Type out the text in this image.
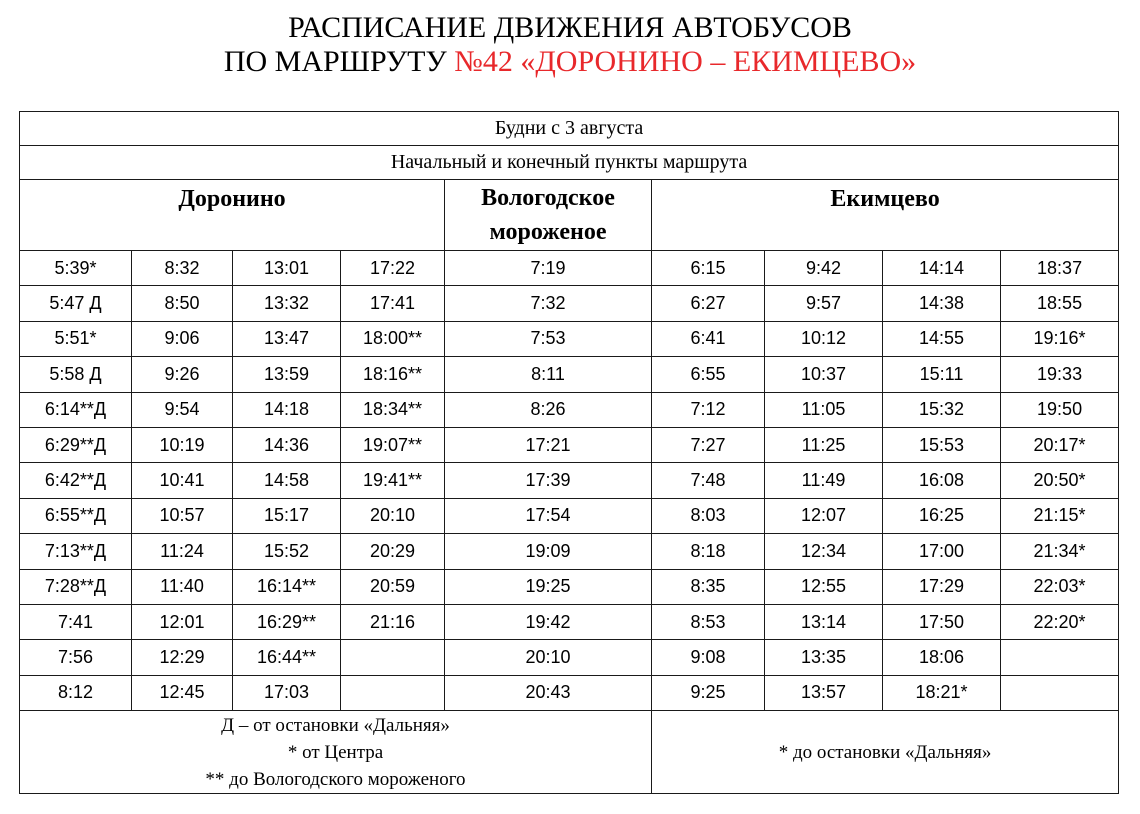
РАСПИСАНИЕ ДВИЖЕНИЯ АВТОБУСОВ
ПО МАРШРУТУ №42 «ДОРОНИНО – ЕКИМЦЕВО»
Будни с 3 августа								
Начальный и конечный пункты маршрута								
Доронино				Вологодское мороженое	Екимцево			
5:39*	8:32	13:01	17:22	7:19	6:15	9:42	14:14	18:37
5:47 Д	8:50	13:32	17:41	7:32	6:27	9:57	14:38	18:55
5:51*	9:06	13:47	18:00**	7:53	6:41	10:12	14:55	19:16*
5:58 Д	9:26	13:59	18:16**	8:11	6:55	10:37	15:11	19:33
6:14**Д	9:54	14:18	18:34**	8:26	7:12	11:05	15:32	19:50
6:29**Д	10:19	14:36	19:07**	17:21	7:27	11:25	15:53	20:17*
6:42**Д	10:41	14:58	19:41**	17:39	7:48	11:49	16:08	20:50*
6:55**Д	10:57	15:17	20:10	17:54	8:03	12:07	16:25	21:15*
7:13**Д	11:24	15:52	20:29	19:09	8:18	12:34	17:00	21:34*
7:28**Д	11:40	16:14**	20:59	19:25	8:35	12:55	17:29	22:03*
7:41	12:01	16:29**	21:16	19:42	8:53	13:14	17:50	22:20*
7:56	12:29	16:44**		20:10	9:08	13:35	18:06	
8:12	12:45	17:03		20:43	9:25	13:57	18:21*	

Д – от остановки «Дальняя»
* от Центра
** до Вологодского мороженого					* до остановки «Дальняя»			
